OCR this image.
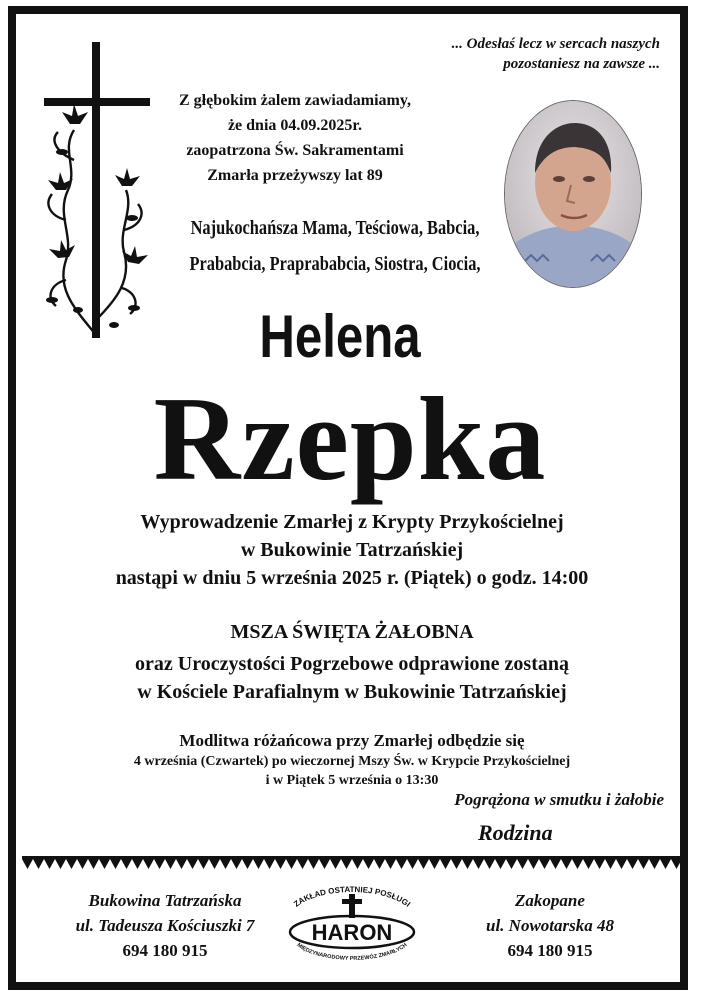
... Odesłaś lecz w sercach naszych
pozostaniesz na zawsze ...
Z głębokim żalem zawiadamiamy,
że dnia 04.09.2025r.
zaopatrzona Św. Sakramentami
Zmarła przeżywszy lat 89
Najukochańsza Mama, Teściowa, Babcia,
Prababcia, Praprababcia, Siostra, Ciocia,
Helena
Rzepka
Wyprowadzenie Zmarłej z Krypty Przykościelnej
w Bukowinie Tatrzańskiej
nastąpi w dniu 5 września 2025 r. (Piątek) o godz. 14:00
MSZA ŚWIĘTA ŻAŁOBNA
oraz Uroczystości Pogrzebowe odprawione zostaną
w Kościele Parafialnym w Bukowinie Tatrzańskiej
Modlitwa różańcowa przy Zmarłej odbędzie się
4 września (Czwartek) po wieczornej Mszy Św. w Krypcie Przykościelnej
i w Piątek 5 września o 13:30
Pogrążona w smutku i żałobie
Rodzina
Bukowina Tatrzańska
ul. Tadeusza Kościuszki 7
694 180 915
ZAKŁAD OSTATNIEJ POSŁUGI
HARON
MIĘDZYNARODOWY PRZEWÓZ ZMARŁYCH
Zakopane
ul. Nowotarska 48
694 180 915
